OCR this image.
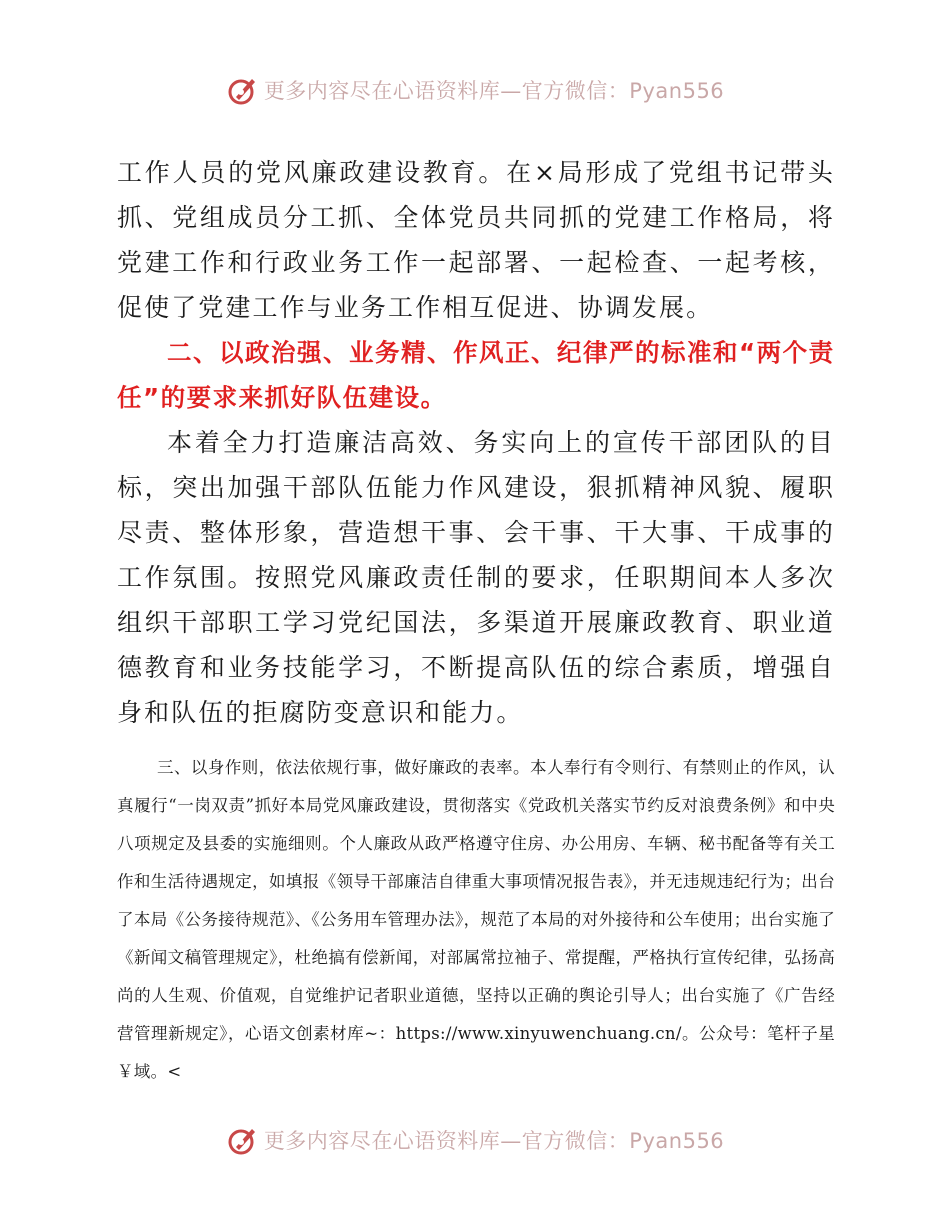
更多内容尽在心语资料库—官方微信：Pyan556

工作人员的党风廉政建设教育。在×局形成了党组书记带头抓、党组成员分工抓、全体党员共同抓的党建工作格局，将党建工作和行政业务工作一起部署、一起检查、一起考核，促使了党建工作与业务工作相互促进、协调发展。

二、以政治强、业务精、作风正、纪律严的标准和“两个责任”的要求来抓好队伍建设。

本着全力打造廉洁高效、务实向上的宣传干部团队的目标，突出加强干部队伍能力作风建设，狠抓精神风貌、履职尽责、整体形象，营造想干事、会干事、干大事、干成事的工作氛围。按照党风廉政责任制的要求，任职期间本人多次组织干部职工学习党纪国法，多渠道开展廉政教育、职业道德教育和业务技能学习，不断提高队伍的综合素质，增强自身和队伍的拒腐防变意识和能力。

三、以身作则，依法依规行事，做好廉政的表率。本人奉行有令则行、有禁则止的作风，认真履行“一岗双责”抓好本局党风廉政建设，贯彻落实《党政机关落实节约反对浪费条例》和中央八项规定及县委的实施细则。个人廉政从政严格遵守住房、办公用房、车辆、秘书配备等有关工作和生活待遇规定，如填报《领导干部廉洁自律重大事项情况报告表》，并无违规违纪行为；出台了本局《公务接待规范》、《公务用车管理办法》，规范了本局的对外接待和公车使用；出台实施了《新闻文稿管理规定》，杜绝搞有偿新闻，对部属常拉袖子、常提醒，严格执行宣传纪律，弘扬高尚的人生观、价值观，自觉维护记者职业道德，坚持以正确的舆论引导人；出台实施了《广告经营管理新规定》，心语文创素材库~：https://www.xinyuwenchuang.cn/。公众号：笔杆子星￥域。<

更多内容尽在心语资料库—官方微信：Pyan556
